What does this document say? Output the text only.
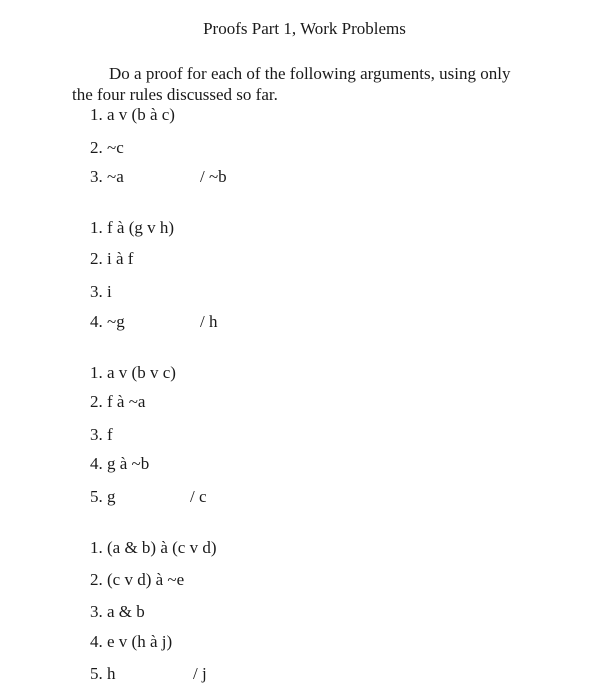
Proofs Part 1, Work Problems
Do a proof for each of the following arguments, using only
the four rules discussed so far.
1. a v (b à c)
2. ~c
3. ~a	/ ~b
1. f à (g v h)
2. i à f
3. i
4. ~g	/ h
1. a v (b v c)
2. f à ~a
3. f
4. g à ~b
5. g	/ c
1. (a & b) à (c v d)
2. (c v d) à ~e
3. a & b
4. e v (h à j)
5. h	/ j
